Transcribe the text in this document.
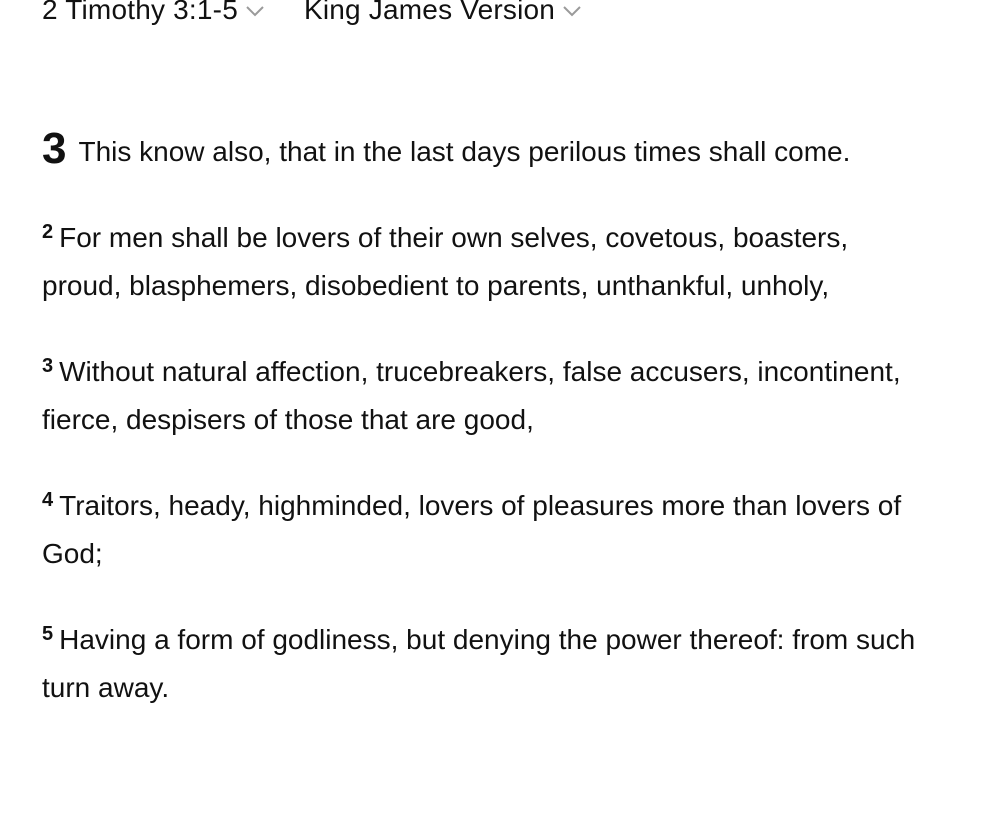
2 Timothy 3:1-5 King James Version

3 This know also, that in the last days perilous times shall come.

$^2$ For men shall be lovers of their own selves, covetous, boasters, proud, blasphemers, disobedient to parents, unthankful, unholy,

$^3$ Without natural affection, trucebreakers, false accusers, incontinent, fierce, despisers of those that are good,

$^4$ Traitors, heady, highminded, lovers of pleasures more than lovers of God;

$^5$ Having a form of godliness, but denying the power thereof: from such turn away.
